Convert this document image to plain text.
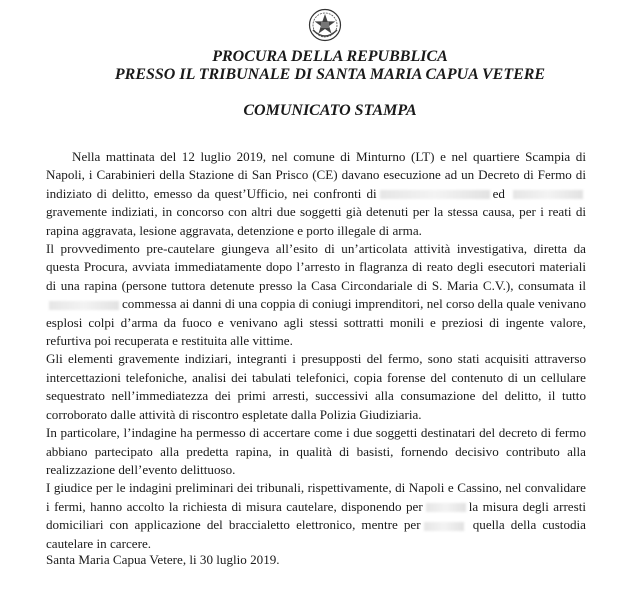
PROCURA DELLA REPUBBLICA
PRESSO IL TRIBUNALE DI SANTA MARIA CAPUA VETERE
COMUNICATO STAMPA

Nella mattinata del 12 luglio 2019, nel comune di Minturno (LT) e nel quartiere Scampia di Napoli, i Carabinieri della Stazione di San Prisco (CE) davano esecuzione ad un Decreto di Fermo di indiziato di delitto, emesso da quest’Ufficio, nei confronti di	ed gravemente indiziati, in concorso con altri due soggetti già detenuti per la stessa causa, per i reati di rapina aggravata, lesione aggravata, detenzione e porto illegale di arma.

Il provvedimento pre-cautelare giungeva all’esito di un’articolata attività investigativa, diretta da questa Procura, avviata immediatamente dopo l’arresto in flagranza di reato degli esecutori materiali di una rapina (persone tuttora detenute presso la Casa Circondariale di S. Maria C.V.), consumata il commessa ai danni di una coppia di coniugi imprenditori, nel corso della quale venivano esplosi colpi d’arma da fuoco e venivano agli stessi sottratti monili e preziosi di ingente valore, refurtiva poi recuperata e restituita alle vittime.

Gli elementi gravemente indiziari, integranti i presupposti del fermo, sono stati acquisiti attraverso intercettazioni telefoniche, analisi dei tabulati telefonici, copia forense del contenuto di un cellulare sequestrato nell’immediatezza dei primi arresti, successivi alla consumazione del delitto, il tutto corroborato dalle attività di riscontro espletate dalla Polizia Giudiziaria.

In particolare, l’indagine ha permesso di accertare come i due soggetti destinatari del decreto di fermo abbiano partecipato alla predetta rapina, in qualità di basisti, fornendo decisivo contributo alla realizzazione dell’evento delittuoso.

I giudice per le indagini preliminari dei tribunali, rispettivamente, di Napoli e Cassino, nel convalidare i fermi, hanno accolto la richiesta di misura cautelare, disponendo per	la misura degli arresti domiciliari con applicazione del braccialetto elettronico, mentre per	quella della custodia cautelare in carcere.

Santa Maria Capua Vetere, li 30 luglio 2019.
